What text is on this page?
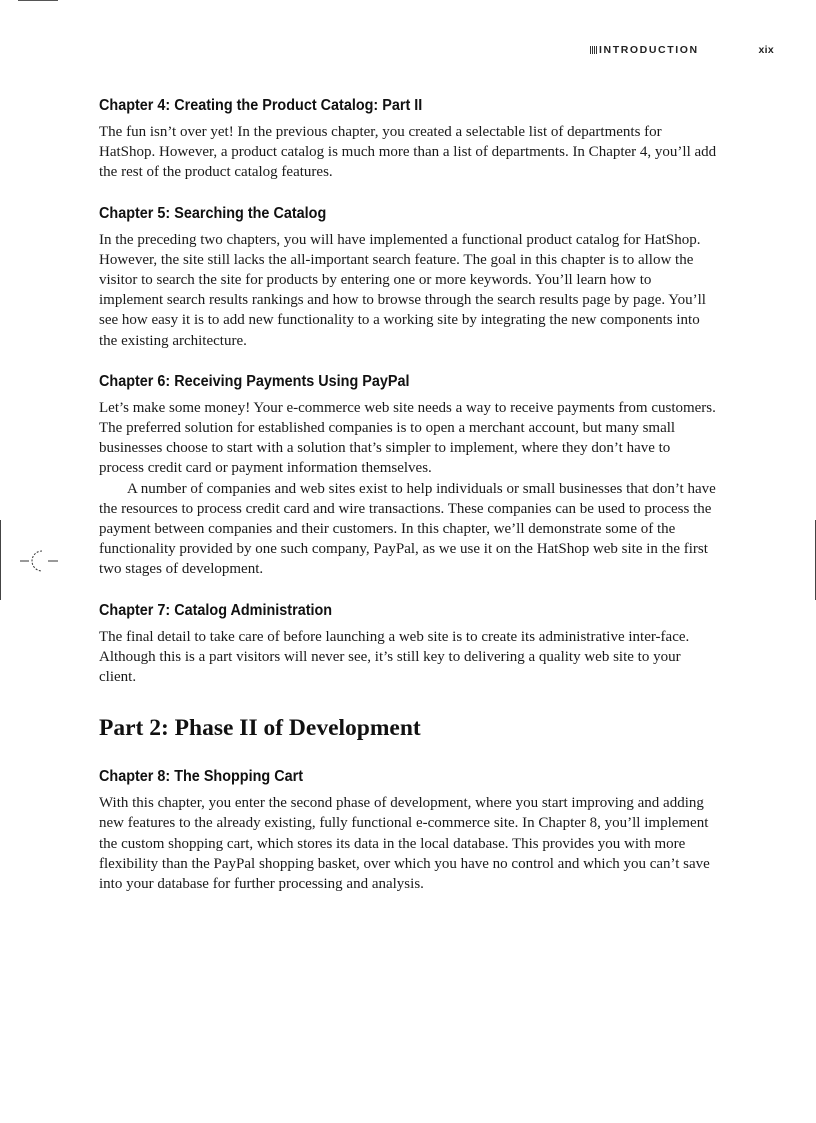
INTRODUCTION	xix
Chapter 4: Creating the Product Catalog: Part II

The fun isn’t over yet! In the previous chapter, you created a selectable list of departments for HatShop. However, a product catalog is much more than a list of departments. In Chapter 4, you’ll add the rest of the product catalog features.

Chapter 5: Searching the Catalog

In the preceding two chapters, you will have implemented a functional product catalog for HatShop. However, the site still lacks the all-important search feature. The goal in this chapter is to allow the visitor to search the site for products by entering one or more keywords. You’ll learn how to implement search results rankings and how to browse through the search results page by page. You’ll see how easy it is to add new functionality to a working site by integrating the new components into the existing architecture.

Chapter 6: Receiving Payments Using PayPal

Let’s make some money! Your e-commerce web site needs a way to receive payments from customers. The preferred solution for established companies is to open a merchant account, but many small businesses choose to start with a solution that’s simpler to implement, where they don’t have to process credit card or payment information themselves.

A number of companies and web sites exist to help individuals or small businesses that don’t have the resources to process credit card and wire transactions. These companies can be used to process the payment between companies and their customers. In this chapter, we’ll demonstrate some of the functionality provided by one such company, PayPal, as we use it on the HatShop web site in the first two stages of development.

Chapter 7: Catalog Administration

The final detail to take care of before launching a web site is to create its administrative inter-face. Although this is a part visitors will never see, it’s still key to delivering a quality web site to your client.

Part 2: Phase II of Development
Chapter 8: The Shopping Cart

With this chapter, you enter the second phase of development, where you start improving and adding new features to the already existing, fully functional e-commerce site. In Chapter 8, you’ll implement the custom shopping cart, which stores its data in the local database. This provides you with more flexibility than the PayPal shopping basket, over which you have no control and which you can’t save into your database for further processing and analysis.
